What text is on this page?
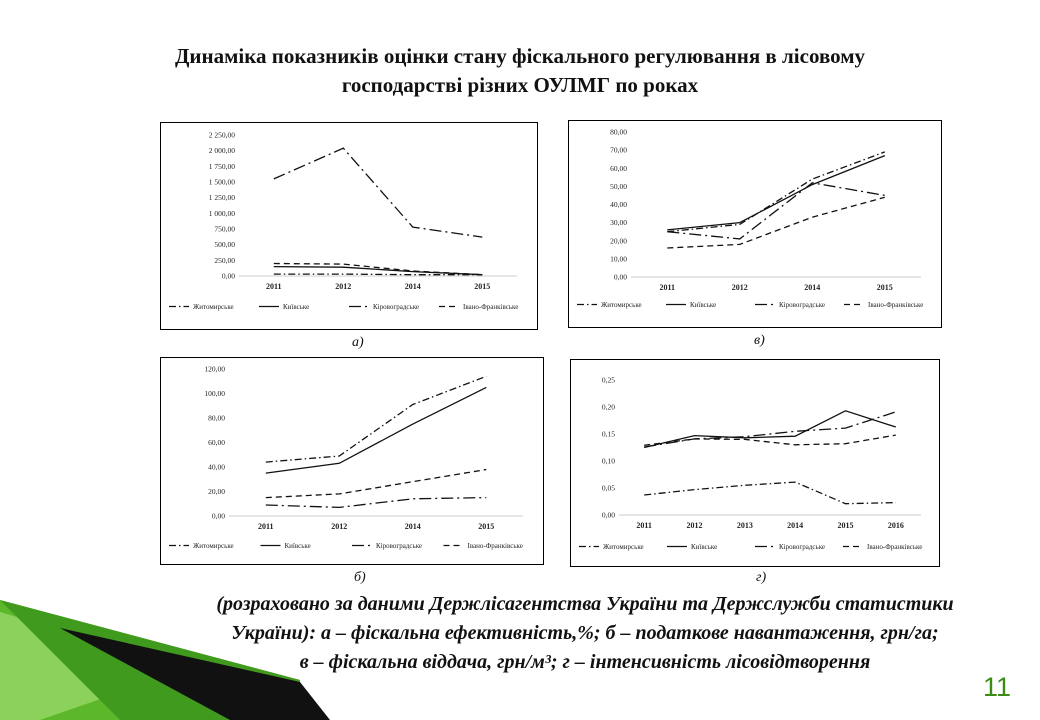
Динаміка показників оцінки стану фіскального регулювання в лісовому
господарстві різних ОУЛМГ по роках
0,00
250,00
500,00
750,00
1 000,00
1 250,00
1 500,00
1 750,00
2 000,00
2 250,00
2011	2012	2014	2015
Житомирське	Київське	Кіровоградське	Івано-Франківське
а)
0,00
10,00
20,00
30,00
40,00
50,00
60,00
70,00
80,00
2011	2012	2014	2015
Житомирське	Київське	Кіровоградське	Івано-Франківське
в)
0,00
20,00
40,00
60,00
80,00
100,00
120,00
2011	2012	2014	2015
Житомирське	Київське	Кіровоградське	Івано-Франківське
б)
0,00
0,05
0,10
0,15
0,20
0,25
2011	2012	2013	2014	2015	2016
Житомирське	Київське	Кіровоградське	Івано-Франківське
г)
(розраховано за даними Держлісагентства України та Держслужби статистики
України): а – фіскальна ефективність,%; б – податкове навантаження, грн/га;
в – фіскальна віддача, грн/м³; г – інтенсивність лісовідтворення
11
